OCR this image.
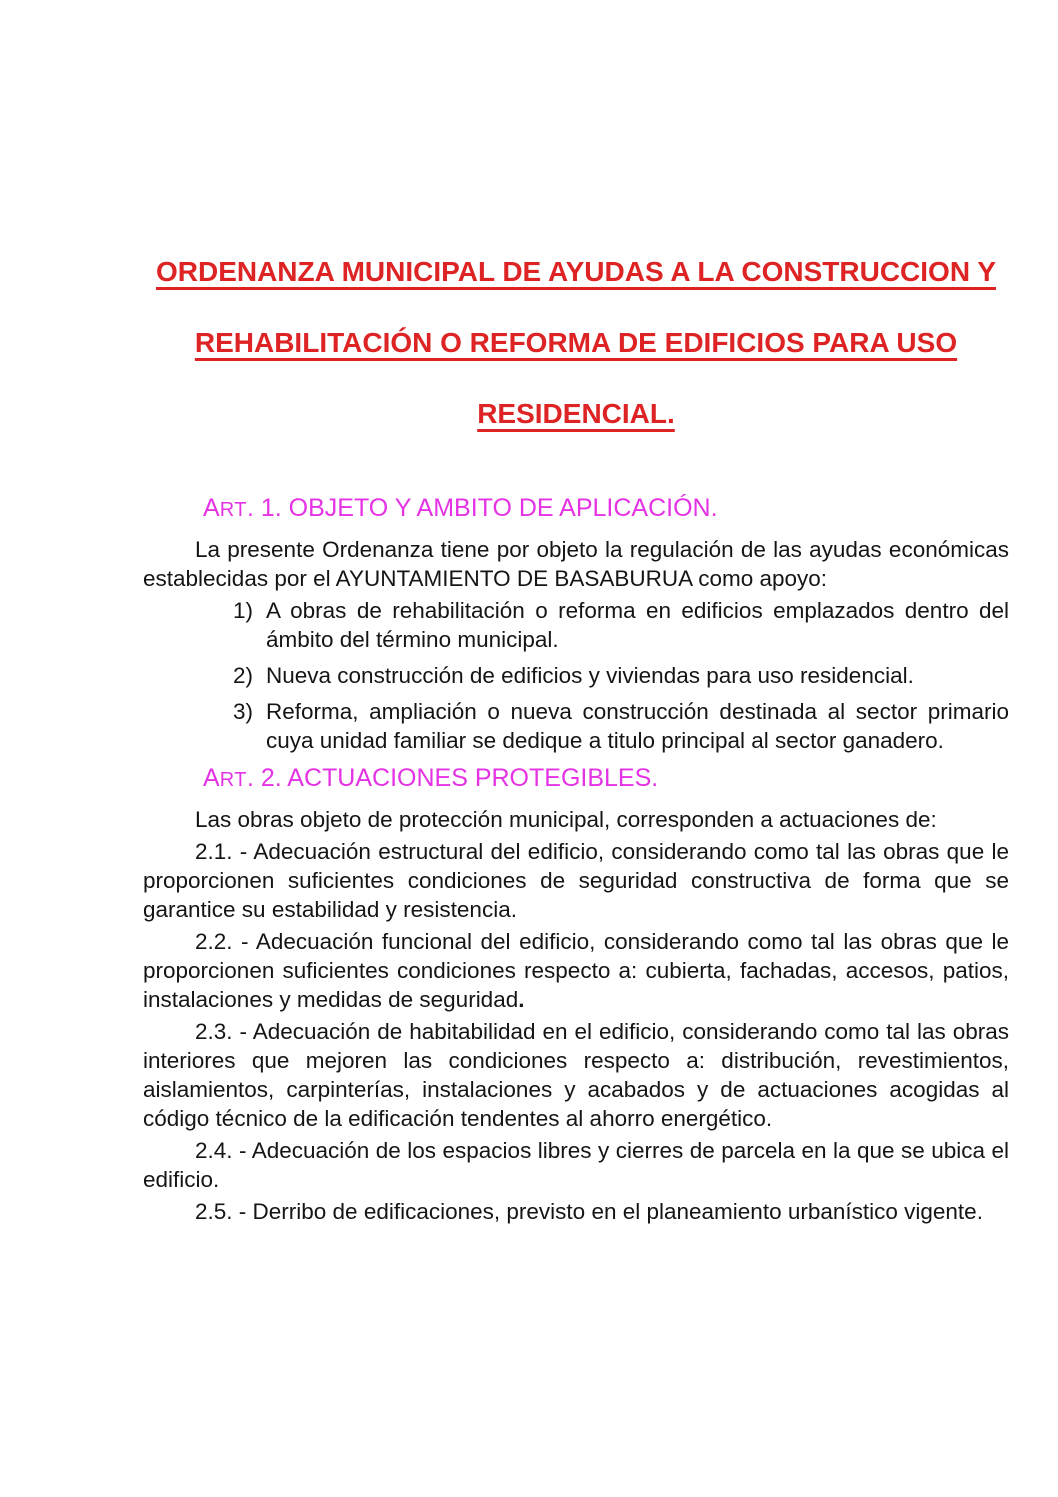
ORDENANZA MUNICIPAL DE AYUDAS A LA CONSTRUCCION Y
REHABILITACIÓN O REFORMA DE EDIFICIOS PARA USO
RESIDENCIAL.
ART. 1. OBJETO Y AMBITO DE APLICACIÓN.

La presente Ordenanza tiene por objeto la regulación de las ayudas económicas establecidas por el AYUNTAMIENTO DE BASABURUA como apoyo:

1) A obras de rehabilitación o reforma en edificios emplazados dentro del ámbito del término municipal.
2) Nueva construcción de edificios y viviendas para uso residencial.
3) Reforma, ampliación o nueva construcción destinada al sector primario cuya unidad familiar se dedique a titulo principal al sector ganadero.
ART. 2. ACTUACIONES PROTEGIBLES.

Las obras objeto de protección municipal, corresponden a actuaciones de:

2.1. - Adecuación estructural del edificio, considerando como tal las obras que le proporcionen suficientes condiciones de seguridad constructiva de forma que se garantice su estabilidad y resistencia.

2.2. - Adecuación funcional del edificio, considerando como tal las obras que le proporcionen suficientes condiciones respecto a: cubierta, fachadas, accesos, patios, instalaciones y medidas de seguridad.

2.3. - Adecuación de habitabilidad en el edificio, considerando como tal las obras interiores que mejoren las condiciones respecto a: distribución, revestimientos, aislamientos, carpinterías, instalaciones y acabados y de actuaciones acogidas al código técnico de la edificación tendentes al ahorro energético.

2.4. - Adecuación de los espacios libres y cierres de parcela en la que se ubica el edificio.

2.5. - Derribo de edificaciones, previsto en el planeamiento urbanístico vigente.
